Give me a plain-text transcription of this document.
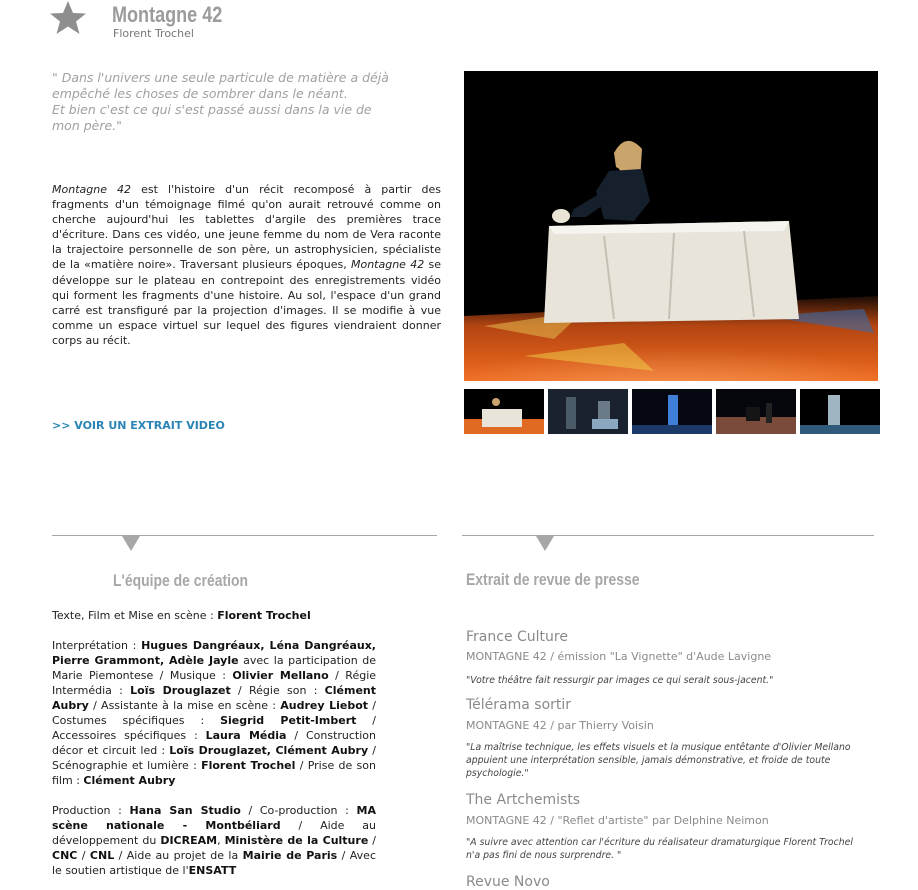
Montagne 42
Florent Trochel
" Dans l'univers une seule particule de matière a déjà
empêché les choses de sombrer dans le néant.
Et bien c'est ce qui s'est passé aussi dans la vie de
mon père."
Montagne 42 est l'histoire d'un récit recomposé à partir des fragments d'un témoignage filmé qu'on aurait retrouvé comme on cherche aujourd'hui les tablettes d'argile des premières trace d'écriture. Dans ces vidéo, une jeune femme du nom de Vera raconte la trajectoire personnelle de son père, un astrophysicien, spécialiste de la «matière noire». Traversant plusieurs époques, Montagne 42 se développe sur le plateau en contrepoint des enregistrements vidéo qui forment les fragments d'une histoire. Au sol, l'espace d'un grand carré est transfiguré par la projection d'images. Il se modifie à vue comme un espace virtuel sur lequel des figures viendraient donner corps au récit.
>> VOIR UN EXTRAIT VIDEO
L'équipe de création	Extrait de revue de presse
Texte, Film et Mise en scène : Florent Trochel
Interprétation : Hugues Dangréaux, Léna Dangréaux, Pierre Grammont, Adèle Jayle avec la participation de Marie Piemontese / Musique : Olivier Mellano / Régie Intermédia : Loïs Drouglazet / Régie son : Clément Aubry / Assistante à la mise en scène : Audrey Liebot / Costumes spécifiques : Siegrid Petit-Imbert / Accessoires spécifiques : Laura Média / Construction décor et circuit led : Loïs Drouglazet, Clément Aubry / Scénographie et lumière : Florent Trochel / Prise de son film : Clément Aubry
Production : Hana San Studio / Co-production : MA scène nationale - Montbéliard / Aide au développement du DICREAM, Ministère de la Culture / CNC / CNL / Aide au projet de la Mairie de Paris / Avec le soutien artistique de l'ENSATT
France Culture
MONTAGNE 42 / émission "La Vignette" d'Aude Lavigne
"Votre théâtre fait ressurgir par images ce qui serait sous-jacent."
Télérama sortir
MONTAGNE 42 / par Thierry Voisin
"La maîtrise technique, les effets visuels et la musique entêtante d'Olivier Mellano appuient une interprétation sensible, jamais démonstrative, et froide de toute psychologie."
The Artchemists
MONTAGNE 42 / "Reflet d'artiste" par Delphine Neimon
"A suivre avec attention car l'écriture du réalisateur dramaturgique Florent Trochel n'a pas fini de nous surprendre. "
Revue Novo
